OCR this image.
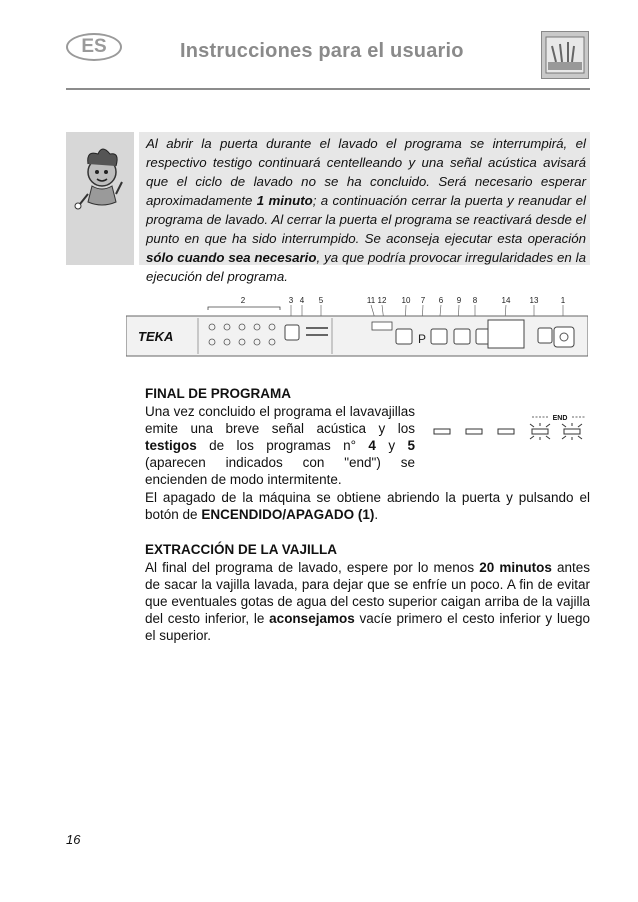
ES	Instrucciones para el usuario
Al abrir la puerta durante el lavado el programa se interrumpirá, el respectivo testigo continuará centelleando y una señal acústica avisará que el ciclo de lavado no se ha concluido. Será necesario esperar aproximadamente 1 minuto; a continuación cerrar la puerta y reanudar el programa de lavado. Al cerrar la puerta el programa se reactivará desde el punto en que ha sido interrumpido. Se aconseja ejecutar esta operación sólo cuando sea necesario, ya que podría provocar irregularidades en la ejecución del programa.
2	3 4 5	11 12 10 7 6 9 8	14 13	1
TEKA	P
FINAL DE PROGRAMA
Una vez concluido el programa el lavavajillas emite una breve señal acústica y los testigos de los programas n° 4 y 5 (aparecen indicados con "end") se encienden de modo intermitente.
END
El apagado de la máquina se obtiene abriendo la puerta y pulsando el botón de ENCENDIDO/APAGADO (1).
EXTRACCIÓN DE LA VAJILLA
Al final del programa de lavado, espere por lo menos 20 minutos antes de sacar la vajilla lavada, para dejar que se enfríe un poco. A fin de evitar que eventuales gotas de agua del cesto superior caigan arriba de la vajilla del cesto inferior, le aconsejamos vacíe primero el cesto inferior y luego el superior.
16
